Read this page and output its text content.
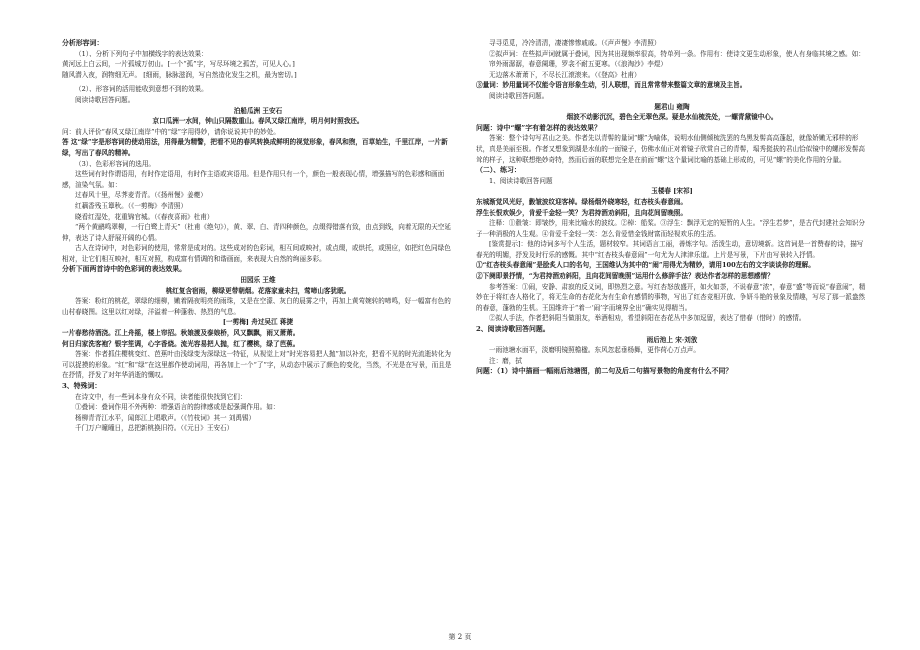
分析形容词：

（1）、分析下列句子中加横线字的表达效果：

黄河远上白云间，一片孤城万仞山。[一个“孤”字，写尽环境之孤苦，可见人心。]

随风潜入夜，润物细无声。 [细雨，脉脉滋润，写自然造化发生之机，最为密切。]

（2）、形容词的活用能收到意想不到的效果。

阅读诗歌回答问题。

泊船瓜洲 王安石

京口瓜洲一水间，钟山只隔数重山。春风又绿江南岸，明月何时照我还。

问：前人评价“春风又绿江南岸”中的“绿”字用得妙，请你说说其中的妙处。

答 这“绿”字是形容词的使动用法，用得最为精警，把看不见的春风转换成鲜明的视觉形象，春风和煦，百草始生，千里江岸，一片新绿，写出了春风的精神。

（3）、色彩形容词的选用。

这些词有时作谓语用，有时作定语用，有时作主语或宾语用。但是作用只有一个，颜色一般表现心情，增强描写的色彩感和画面感，渲染气氛。如：

过春风十里，尽荠麦青青。（《扬州慢》姜夔）

红藕香残玉簟秋。（《一剪梅》李清照）

晓看红湿处，花重锦官城。（《春夜喜雨》杜甫）

“两个黄鹂鸣翠柳，一行白鹭上青天”（杜甫《绝句》），黄、翠、白、青四种颜色，点缀得错落有致，由点到线，向着无限的天空延伸，表达了诗人舒展开阔的心情。

古人在诗词中，对色彩词的使用，常常是成对的。这些成对的色彩词，相互间或映衬，或点缀，或烘托，或照应，如把红色同绿色相对，让它们相互映衬，相互对照，构成富有情调的和谐画面，来表现大自然的绚丽多彩。

分析下面两首诗中的色彩词的表达效果。

田园乐 王维

桃红复含宿雨，柳绿更带朝烟。花落家童未扫，莺啼山客犹眠。

答案：粉红的桃花，翠绿的细柳，嫩着隔夜明亮的雨珠，又是在空濛、灰白的晨雾之中，再加上黄莺婉转的啼鸣，好一幅富有色的山村春晓图。这里以红对绿，洋溢着一种蓬勃、热烈的气息。

[一剪梅] 舟过吴江 蒋捷

一片春愁待酒浇。江上舟摇，楼上帘招。秋娘渡及泰娘桥，风又飘飘，雨又萧萧。

何日归家洗客袍？银字笙调，心字香烧。流光容易把人抛，红了樱桃，绿了芭蕉。

答案：作者抓住樱桃变红、芭蕉叶由浅绿变为深绿这一特征，从视觉上对“时光容易把人抛”加以补充，把看不见的时光流逝转化为可以捉摸的形象。“红”和“绿”在这里都作使动词用，再各加上一个“了”字，从动态中展示了颜色的变化，当然，不光是在写景，而且是在抒情，抒发了对年华消逝的慨叹。

3、特殊词：

在诗文中，有一些词本身有众不同，读者能很快找到它们：

①叠词：叠词作用不外两种：增强语言的韵律感或是起强调作用。如：

杨柳青青江水平，闻郎江上唱歌声。（《竹枝词》其一 刘禹锡）

千门万户曈曈日，总把新桃换旧符。（《元日》王安石）

寻寻觅觅，冷冷清清，凄凄惨惨戚戚。（《声声慢》李清照）

②拟声词：在些拟声词就属于叠词，因为其出现频率很高，特单列一条。作用有：使诗文更生动形象，使人有身临其境之感。如：

帘外雨潺潺，春意阑珊，罗衾不耐五更寒。（《浪淘沙》李煜）

无边落木萧萧下，不尽长江滚滚来。（《登高》杜甫）

③量词：妙用量词不仅能令语言形象生动，引人联想，而且常常带来整篇文章的意境及主旨。

阅读诗歌回答问题。

题君山 雍陶

烟波不动影沉沉，碧色全无翠色深。疑是水仙梳洗处，一螺青黛镜中心。

问题：诗中“螺”字有着怎样的表达效果？

答案：整个诗句写君山之美。作者先以青髻的量词“螺”为喻体，说明水仙侧倾梳洗罢的鸟黑发髻高高蓬起，就像娇嫩无邪样的形状，真是美丽至极。作者又想象到湖是水仙的一面镜子，仿佛水仙正对着镜子欣赏自己的青髻，塌秀挺拔的君山恰似镜中的螺形发髻高耸的样子，这种联想绝妙奇特，然而后面的联想完全是在前面“螺”这个量词比喻的基础上形成的，可见“螺”的美化作用的分量。

（二）、练习：

1、阅读诗歌回答问题

玉楼春 [宋祁]

东城渐觉风光好，縠皱波纹迎客棹。绿杨烟外晓寒轻，红杏枝头春意闹。

浮生长恨欢娱少，肯爱千金轻一笑？为君持酒劝斜阳，且向花间留晚照。

注释：①縠皱：即皱纱，用来比喻水的波纹。②棹：船桨。③浮生：飘浮无定的短暂的人生。“浮生若梦”，是古代封建社会知识分子一种消极的人生观。④肯爱千金轻一笑：怎么肯爱惜金钱财富而轻视欢乐的生活。

[鉴赏提示]：他的诗词多写个人生活，题材较窄。其词语言工丽，善炼字句。活泼生动，意切境新。这首词是一首赞春的诗，描写春光的明媚，抒发及时行乐的感慨。其中“红杏枝头春意闹”一句尤为人津津乐道。上片是写景，下片由写景转入抒情。

①“红杏枝头春意闹”是脍炙人口的名句，王国维认为其中的“闹”用得尤为精妙，请用100左右的文字谈谈你的理解。

②下阕即景抒情，“为君持酒劝斜阳，且向花间留晚照”运用什么修辞手法？表达作者怎样的思想感情？

参考答案：①闹，安静、肃寂的反义词，即热烈之意。写红杏怒放盛开，如火如荼，不说春意“浓”，春意“盛”等而说“春意闹”，精妙在于将红杏人格化了，将无生命的杏花化为有生命有感情的事物，写出了红杏竞相开放、争妍斗艳的景象及情趣，写尽了那一派盎然的春意，蓬勃的生机。王国维许于“着一‘闹’字而境界全出”确实见得精当。

②拟人手法，作者把斜阳当做朋友，举酒相劝，希望斜阳在杏花丛中多加逗留，表达了惜春（惜时）的感情。

2、阅读诗歌回答问题。

雨后池上 宋·刘攽

一雨池塘水面平，淡磨明镜照檐楹。东风忽起垂杨舞，更作荷心万点声。

注：磨，拭

问题：（1）诗中描画一幅雨后池塘图，前二句及后二句描写景物的角度有什么不同？

第 2 页
